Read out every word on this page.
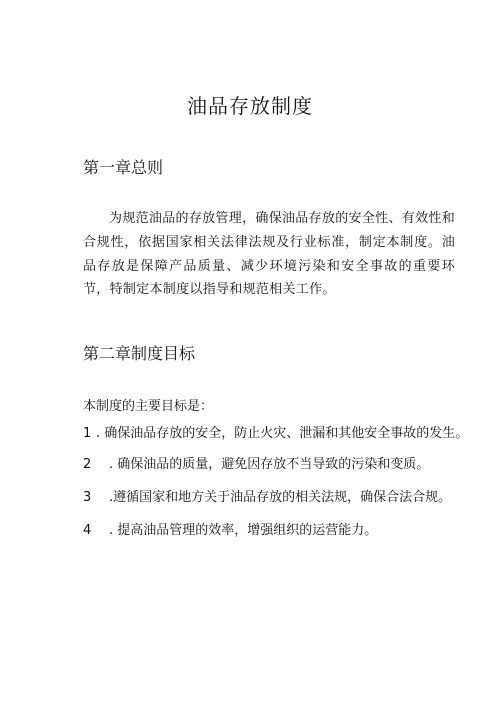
油品存放制度
第一章总则
为规范油品的存放管理，确保油品存放的安全性、有效性和合规性，依据国家相关法律法规及行业标准，制定本制度。油品存放是保障产品质量、减少环境污染和安全事故的重要环节，特制定本制度以指导和规范相关工作。
第二章制度目标
本制度的主要目标是：
1 . 确保油品存放的安全，防止火灾、泄漏和其他安全事故的发生。
2 . 确保油品的质量，避免因存放不当导致的污染和变质。
3 .遵循国家和地方关于油品存放的相关法规，确保合法合规。
4 . 提高油品管理的效率，增强组织的运营能力。
